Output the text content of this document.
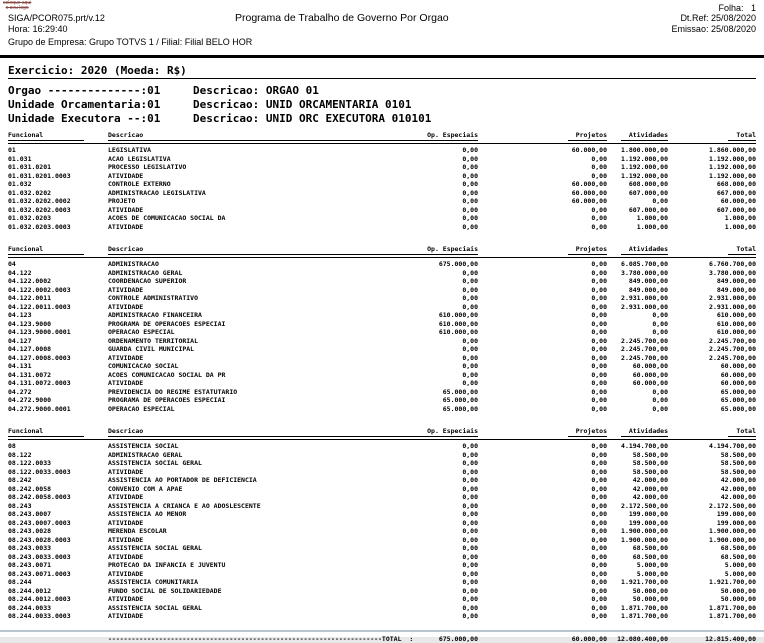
coloque aqui
o seu logo	Folha:   1
SIGA/PCOR075.prt/v.12	Programa de Trabalho de Governo Por Orgao	Dt.Ref: 25/08/2020
Hora: 16:29:40	Emissao: 25/08/2020
Grupo de Empresa: Grupo TOTVS 1 / Filial: Filial BELO HOR
Exercicio: 2020 (Moeda: R$)
Orgao --------------:01	Descricao: ORGAO 01
Unidade Orcamentaria:01	Descricao: UNID ORCAMENTARIA 0101
Unidade Executora --:01	Descricao: UNID ORC EXECUTORA 010101
Funcional	Descricao	Op. Especiais	Projetos	Atividades	Total
01	LEGISLATIVA	0,00	60.000,00	1.800.000,00	1.860.000,00
01.031	ACAO LEGISLATIVA	0,00	0,00	1.192.000,00	1.192.000,00
01.031.0201	PROCESSO LEGISLATIVO	0,00	0,00	1.192.000,00	1.192.000,00
01.031.0201.0003	ATIVIDADE	0,00	0,00	1.192.000,00	1.192.000,00
01.032	CONTROLE EXTERNO	0,00	60.000,00	608.000,00	668.000,00
01.032.0202	ADMINISTRACAO LEGISLATIVA	0,00	60.000,00	607.000,00	667.000,00
01.032.0202.0002	PROJETO	0,00	60.000,00	0,00	60.000,00
01.032.0202.0003	ATIVIDADE	0,00	0,00	607.000,00	607.000,00
01.032.0203	ACOES DE COMUNICACAO SOCIAL DA	0,00	0,00	1.000,00	1.000,00
01.032.0203.0003	ATIVIDADE	0,00	0,00	1.000,00	1.000,00
Funcional	Descricao	Op. Especiais	Projetos	Atividades	Total
04	ADMINISTRACAO	675.000,00	0,00	6.085.700,00	6.760.700,00
04.122	ADMINISTRACAO GERAL	0,00	0,00	3.780.000,00	3.780.000,00
04.122.0002	COORDENACAO SUPERIOR	0,00	0,00	849.000,00	849.000,00
04.122.0002.0003	ATIVIDADE	0,00	0,00	849.000,00	849.000,00
04.122.0011	CONTROLE ADMINISTRATIVO	0,00	0,00	2.931.000,00	2.931.000,00
04.122.0011.0003	ATIVIDADE	0,00	0,00	2.931.000,00	2.931.000,00
04.123	ADMINISTRACAO FINANCEIRA	610.000,00	0,00	0,00	610.000,00
04.123.9000	PROGRAMA DE OPERACOES ESPECIAI	610.000,00	0,00	0,00	610.000,00
04.123.9000.0001	OPERACAO ESPECIAL	610.000,00	0,00	0,00	610.000,00
04.127	ORDENAMENTO TERRITORIAL	0,00	0,00	2.245.700,00	2.245.700,00
04.127.0008	GUARDA CIVIL MUNICIPAL	0,00	0,00	2.245.700,00	2.245.700,00
04.127.0008.0003	ATIVIDADE	0,00	0,00	2.245.700,00	2.245.700,00
04.131	COMUNICACAO SOCIAL	0,00	0,00	60.000,00	60.000,00
04.131.0072	ACOES COMUNICACAO SOCIAL DA PR	0,00	0,00	60.000,00	60.000,00
04.131.0072.0003	ATIVIDADE	0,00	0,00	60.000,00	60.000,00
04.272	PREVIDENCIA DO REGIME ESTATUTARIO	65.000,00	0,00	0,00	65.000,00
04.272.9000	PROGRAMA DE OPERACOES ESPECIAI	65.000,00	0,00	0,00	65.000,00
04.272.9000.0001	OPERACAO ESPECIAL	65.000,00	0,00	0,00	65.000,00
Funcional	Descricao	Op. Especiais	Projetos	Atividades	Total
08	ASSISTENCIA SOCIAL	0,00	0,00	4.194.700,00	4.194.700,00
08.122	ADMINISTRACAO GERAL	0,00	0,00	58.500,00	58.500,00
08.122.0033	ASSISTENCIA SOCIAL GERAL	0,00	0,00	58.500,00	58.500,00
08.122.0033.0003	ATIVIDADE	0,00	0,00	58.500,00	58.500,00
08.242	ASSISTENCIA AO PORTADOR DE DEFICIENCIA	0,00	0,00	42.000,00	42.000,00
08.242.0058	CONVENIO COM A APAE	0,00	0,00	42.000,00	42.000,00
08.242.0058.0003	ATIVIDADE	0,00	0,00	42.000,00	42.000,00
08.243	ASSISTENCIA A CRIANCA E AO ADOSLESCENTE	0,00	0,00	2.172.500,00	2.172.500,00
08.243.0007	ASSISTENCIA AO MENOR	0,00	0,00	199.000,00	199.000,00
08.243.0007.0003	ATIVIDADE	0,00	0,00	199.000,00	199.000,00
08.243.0028	MERENDA ESCOLAR	0,00	0,00	1.900.000,00	1.900.000,00
08.243.0028.0003	ATIVIDADE	0,00	0,00	1.900.000,00	1.900.000,00
08.243.0033	ASSISTENCIA SOCIAL GERAL	0,00	0,00	68.500,00	68.500,00
08.243.0033.0003	ATIVIDADE	0,00	0,00	68.500,00	68.500,00
08.243.0071	PROTECAO DA INFANCIA E JUVENTU	0,00	0,00	5.000,00	5.000,00
08.243.0071.0003	ATIVIDADE	0,00	0,00	5.000,00	5.000,00
08.244	ASSISTENCIA COMUNITARIA	0,00	0,00	1.921.700,00	1.921.700,00
08.244.0012	FUNDO SOCIAL DE SOLIDARIEDADE	0,00	0,00	50.000,00	50.000,00
08.244.0012.0003	ATIVIDADE	0,00	0,00	50.000,00	50.000,00
08.244.0033	ASSISTENCIA SOCIAL GERAL	0,00	0,00	1.871.700,00	1.871.700,00
08.244.0033.0003	ATIVIDADE	0,00	0,00	1.871.700,00	1.871.700,00
----------------------------------------------------------------------TOTAL  :	675.000,00	60.000,00	12.080.400,00	12.815.400,00
